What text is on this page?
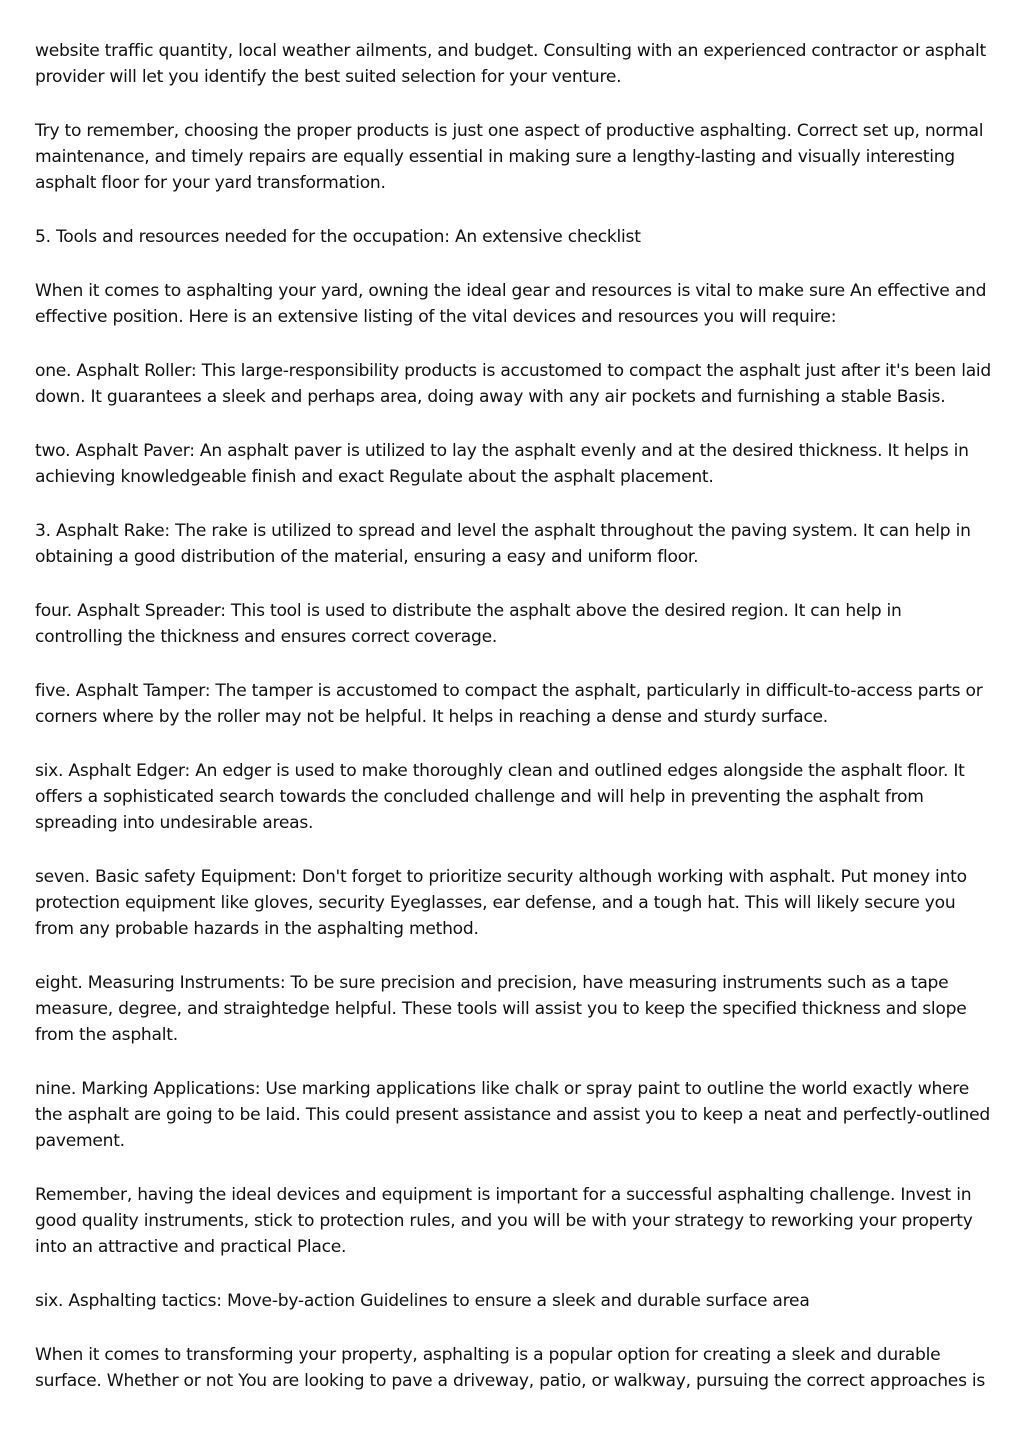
website traffic quantity, local weather ailments, and budget. Consulting with an experienced contractor or asphalt provider will let you identify the best suited selection for your venture.

Try to remember, choosing the proper products is just one aspect of productive asphalting. Correct set up, normal maintenance, and timely repairs are equally essential in making sure a lengthy-lasting and visually interesting asphalt floor for your yard transformation.

5. Tools and resources needed for the occupation: An extensive checklist

When it comes to asphalting your yard, owning the ideal gear and resources is vital to make sure An effective and effective position. Here is an extensive listing of the vital devices and resources you will require:

one. Asphalt Roller: This large-responsibility products is accustomed to compact the asphalt just after it's been laid down. It guarantees a sleek and perhaps area, doing away with any air pockets and furnishing a stable Basis.

two. Asphalt Paver: An asphalt paver is utilized to lay the asphalt evenly and at the desired thickness. It helps in achieving knowledgeable finish and exact Regulate about the asphalt placement.

3. Asphalt Rake: The rake is utilized to spread and level the asphalt throughout the paving system. It can help in obtaining a good distribution of the material, ensuring a easy and uniform floor.

four. Asphalt Spreader: This tool is used to distribute the asphalt above the desired region. It can help in controlling the thickness and ensures correct coverage.

five. Asphalt Tamper: The tamper is accustomed to compact the asphalt, particularly in difficult-to-access parts or corners where by the roller may not be helpful. It helps in reaching a dense and sturdy surface.

six. Asphalt Edger: An edger is used to make thoroughly clean and outlined edges alongside the asphalt floor. It offers a sophisticated search towards the concluded challenge and will help in preventing the asphalt from spreading into undesirable areas.

seven. Basic safety Equipment: Don't forget to prioritize security although working with asphalt. Put money into protection equipment like gloves, security Eyeglasses, ear defense, and a tough hat. This will likely secure you from any probable hazards in the asphalting method.

eight. Measuring Instruments: To be sure precision and precision, have measuring instruments such as a tape measure, degree, and straightedge helpful. These tools will assist you to keep the specified thickness and slope from the asphalt.

nine. Marking Applications: Use marking applications like chalk or spray paint to outline the world exactly where the asphalt are going to be laid. This could present assistance and assist you to keep a neat and perfectly-outlined pavement.

Remember, having the ideal devices and equipment is important for a successful asphalting challenge. Invest in good quality instruments, stick to protection rules, and you will be with your strategy to reworking your property into an attractive and practical Place.

six. Asphalting tactics: Move-by-action Guidelines to ensure a sleek and durable surface area

When it comes to transforming your property, asphalting is a popular option for creating a sleek and durable surface. Whether or not You are looking to pave a driveway, patio, or walkway, pursuing the correct approaches is
